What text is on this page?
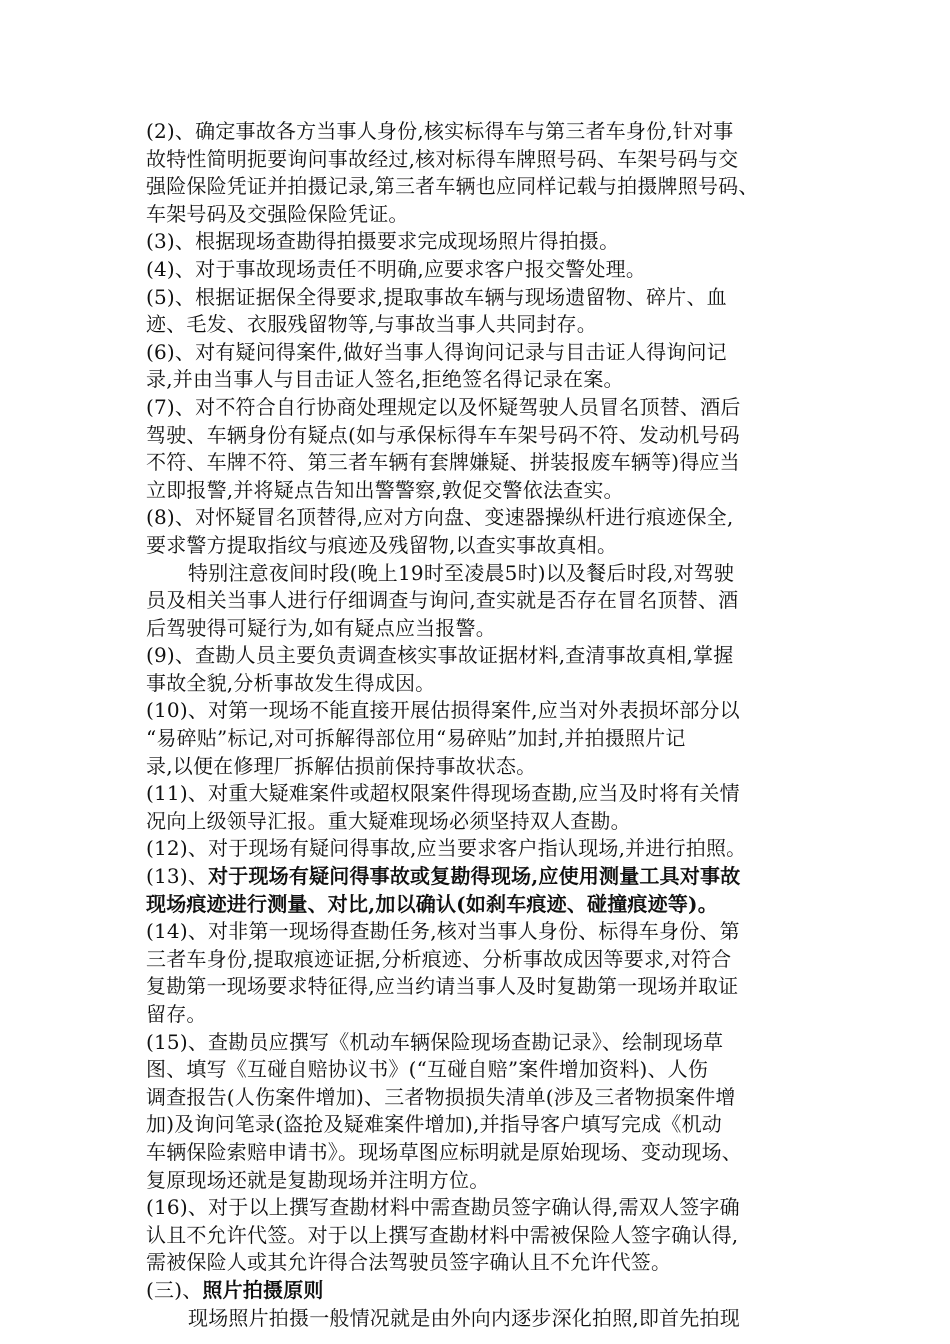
(2)、确定事故各方当事人身份,核实标得车与第三者车身份,针对事
故特性简明扼要询问事故经过,核对标得车牌照号码、车架号码与交
强险保险凭证并拍摄记录,第三者车辆也应同样记载与拍摄牌照号码、
车架号码及交强险保险凭证。
(3)、根据现场查勘得拍摄要求完成现场照片得拍摄。
(4)、对于事故现场责任不明确,应要求客户报交警处理。
(5)、根据证据保全得要求,提取事故车辆与现场遗留物、碎片、血
迹、毛发、衣服残留物等,与事故当事人共同封存。
(6)、对有疑问得案件,做好当事人得询问记录与目击证人得询问记
录,并由当事人与目击证人签名,拒绝签名得记录在案。
(7)、对不符合自行协商处理规定以及怀疑驾驶人员冒名顶替、酒后
驾驶、车辆身份有疑点(如与承保标得车车架号码不符、发动机号码
不符、车牌不符、第三者车辆有套牌嫌疑、拼装报废车辆等)得应当
立即报警,并将疑点告知出警警察,敦促交警依法查实。
(8)、对怀疑冒名顶替得,应对方向盘、变速器操纵杆进行痕迹保全,
要求警方提取指纹与痕迹及残留物,以查实事故真相。
特别注意夜间时段(晚上19时至凌晨5时)以及餐后时段,对驾驶
员及相关当事人进行仔细调查与询问,查实就是否存在冒名顶替、酒
后驾驶得可疑行为,如有疑点应当报警。
(9)、查勘人员主要负责调查核实事故证据材料,查清事故真相,掌握
事故全貌,分析事故发生得成因。
(10)、对第一现场不能直接开展估损得案件,应当对外表损坏部分以
“易碎贴”标记,对可拆解得部位用“易碎贴”加封,并拍摄照片记
录,以便在修理厂拆解估损前保持事故状态。
(11)、对重大疑难案件或超权限案件得现场查勘,应当及时将有关情
况向上级领导汇报。重大疑难现场必须坚持双人查勘。
(12)、对于现场有疑问得事故,应当要求客户指认现场,并进行拍照。
(13)、对于现场有疑问得事故或复勘得现场,应使用测量工具对事故
现场痕迹进行测量、对比,加以确认(如刹车痕迹、碰撞痕迹等)。
(14)、对非第一现场得查勘任务,核对当事人身份、标得车身份、第
三者车身份,提取痕迹证据,分析痕迹、分析事故成因等要求,对符合
复勘第一现场要求特征得,应当约请当事人及时复勘第一现场并取证
留存。
(15)、查勘员应撰写《机动车辆保险现场查勘记录》、绘制现场草
图、填写《互碰自赔协议书》(“互碰自赔”案件增加资料)、人伤
调查报告(人伤案件增加)、三者物损损失清单(涉及三者物损案件增
加)及询问笔录(盗抢及疑难案件增加),并指导客户填写完成《机动
车辆保险索赔申请书》。现场草图应标明就是原始现场、变动现场、
复原现场还就是复勘现场并注明方位。
(16)、对于以上撰写查勘材料中需查勘员签字确认得,需双人签字确
认且不允许代签。对于以上撰写查勘材料中需被保险人签字确认得,
需被保险人或其允许得合法驾驶员签字确认且不允许代签。
(三)、照片拍摄原则
现场照片拍摄一般情况就是由外向内逐步深化拍照,即首先拍现
